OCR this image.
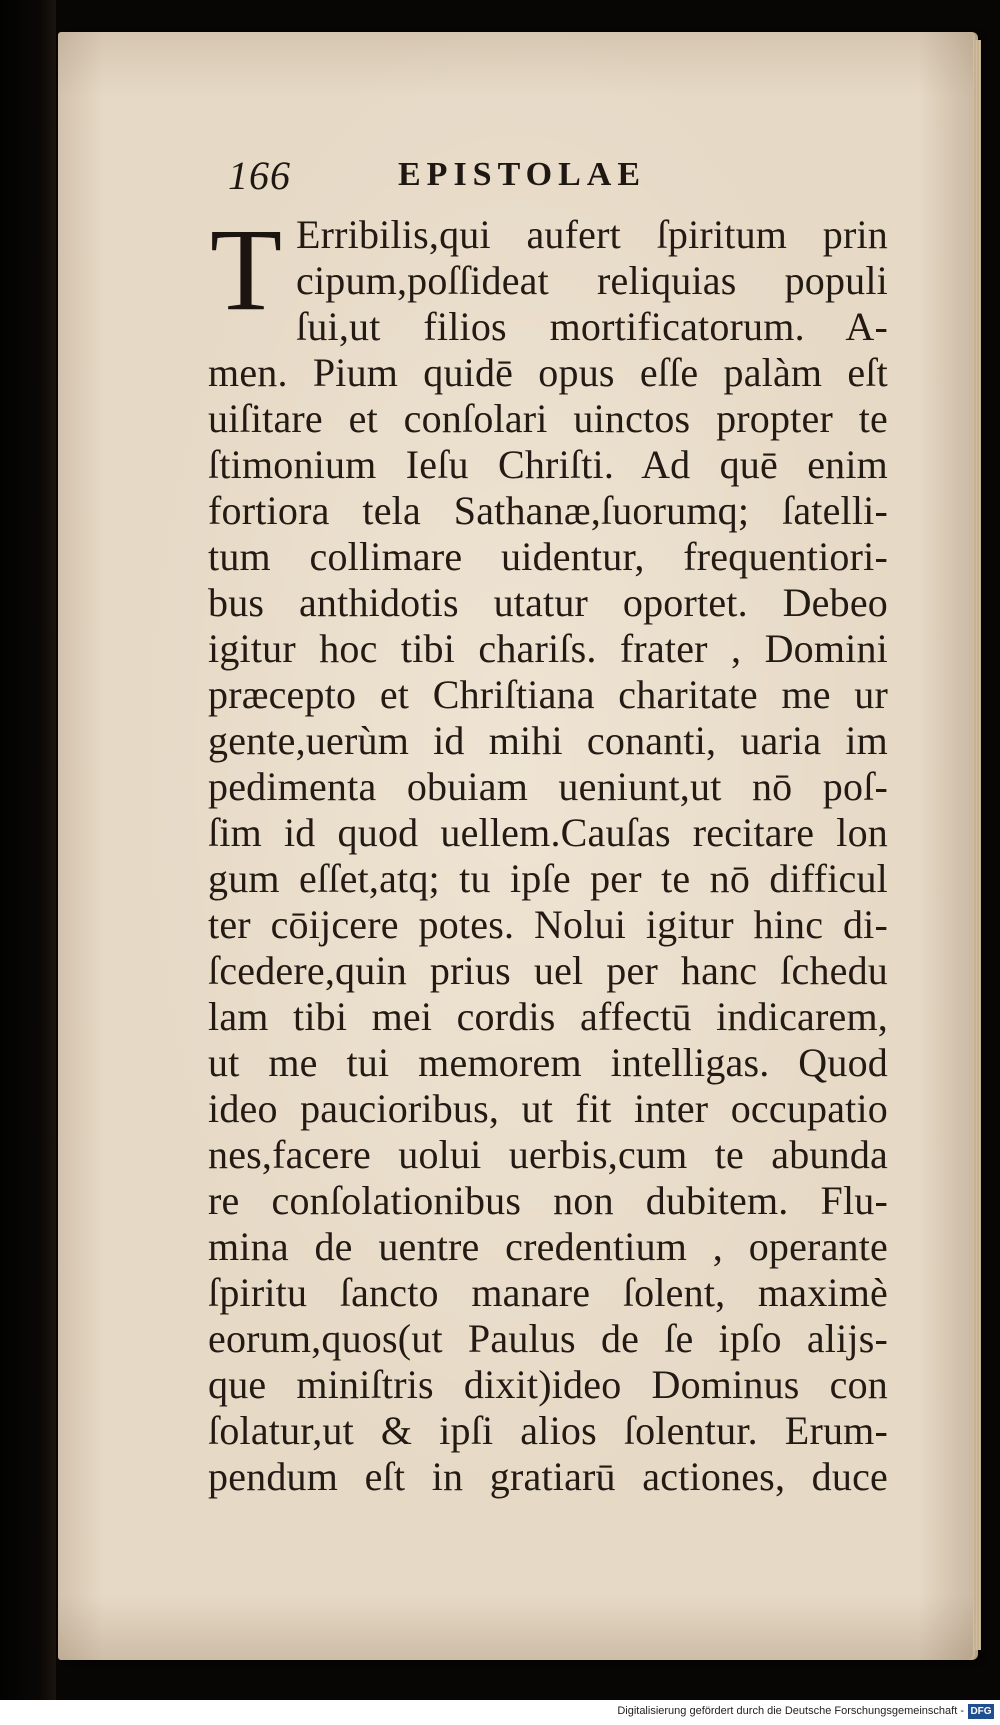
166	EPISTOLAE
T Erribilis,qui aufert ſpiritum prin
cipum,poſſideat reliquias populi
ſui,ut filios mortificatorum. A-
men. Pium quidē opus eſſe palàm eſt
uiſitare et conſolari uinctos propter te
ſtimonium Ieſu Chriſti. Ad quē enim
fortiora tela Sathanæ,ſuorumq; ſatelli-
tum collimare uidentur, frequentiori-
bus anthidotis utatur oportet. Debeo
igitur hoc tibi chariſs. frater , Domini
præcepto et Chriſtiana charitate me ur
gente,uerùm id mihi conanti, uaria im
pedimenta obuiam ueniunt,ut nō poſ-
ſim id quod uellem.Cauſas recitare lon
gum eſſet,atq; tu ipſe per te nō difficul
ter cōijcere potes. Nolui igitur hinc di-
ſcedere,quin prius uel per hanc ſchedu
lam tibi mei cordis affectū indicarem,
ut me tui memorem intelligas. Quod
ideo paucioribus, ut fit inter occupatio
nes,facere uolui uerbis,cum te abunda
re conſolationibus non dubitem. Flu-
mina de uentre credentium , operante
ſpiritu ſancto manare ſolent, maximè
eorum,quos(ut Paulus de ſe ipſo alijs-
que miniſtris dixit)ideo Dominus con
ſolatur,ut & ipſi alios ſolentur. Erum-
pendum eſt in gratiarū actiones, duce
Digitalisierung gefördert durch die Deutsche Forschungsgemeinschaft - DFG
